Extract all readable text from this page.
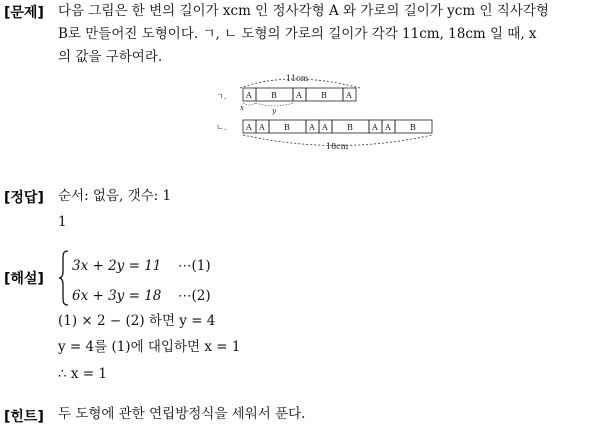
[문제] 다음 그림은 한 변의 길이가 xcm 인 정사각형 A 와 가로의 길이가 ycm 인 직사각형
B로 만들어진 도형이다. ㄱ, ㄴ 도형의 가로의 길이가 각각 11cm, 18cm 일 때, x
의 값을 구하여라.
11cm
ㄱ. A B A B A
x	y
ㄴ. A A B A A B A A B
18cm
[정답] 순서: 없음, 갯수: 1
1
[해설]
3x + 2y = 11 ⋯(1)
6x + 3y = 18 ⋯(2)
(1) × 2 − (2) 하면 y = 4
y = 4를 (1)에 대입하면 x = 1
∴ x = 1
[힌트] 두 도형에 관한 연립방정식을 세워서 푼다.
